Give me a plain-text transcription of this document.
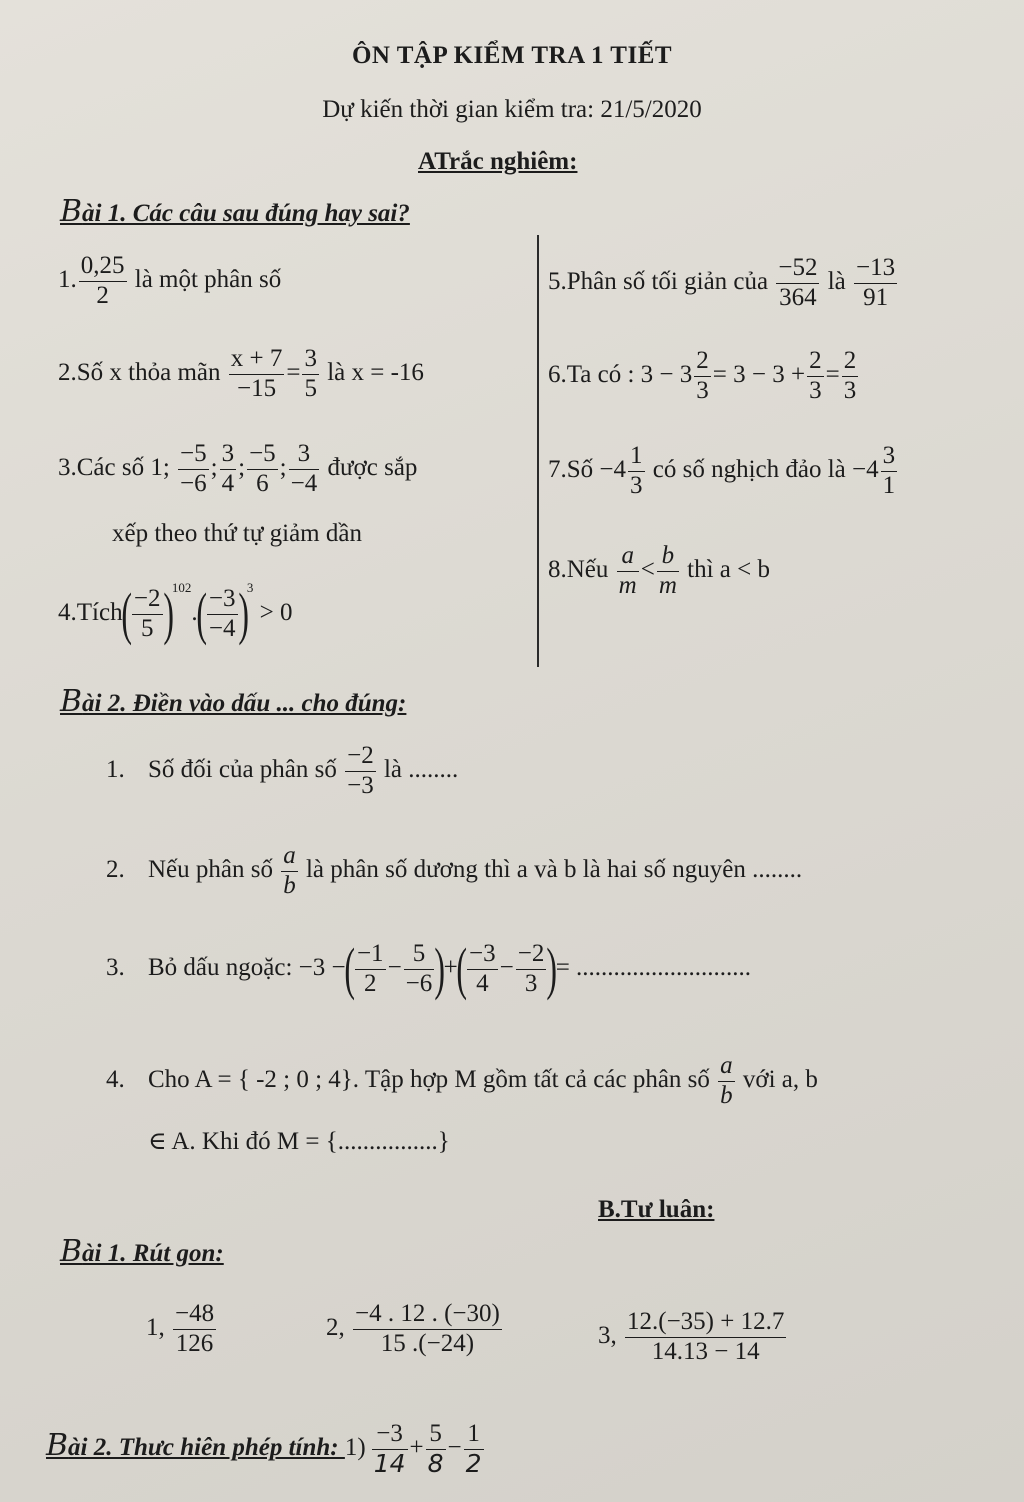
ÔN TẬP KIỂM TRA 1 TIẾT
Dự kiến thời gian kiểm tra: 21/5/2020
ATrắc nghiêm:
Bài 1. Các câu sau đúng hay sai?
1. $\frac{0,25}{2}$ là một phân số
2.Số x thỏa mãn $\frac{x + 7}{-15} = \frac{3}{5}$ là x = -16
3.Các số 1; $\frac{-5}{-6}$ ; $\frac{3}{4}$ ; $\frac{-5}{6}$ ; $\frac{3}{-4}$ được sắp
xếp theo thứ tự giảm dần
4.Tích( $\frac{-2}{5} )^{102}.( \frac{-3}{-4} )^3 > 0$
5.Phân số tối giản của $\frac{-52}{364}$ là $\frac{-13}{91}$
6.Ta có : $3 - 3 \frac{2}{3} = 3 - 3 + \frac{2}{3} = \frac{2}{3}$
7.Số $-4 \frac{1}{3}$ có số nghịch đảo là $-4 \frac{3}{1}$
8.Nếu $\frac{a}{m} < \frac{b}{m}$ thì a < b
Bài 2. Điền vào dấu ... cho đúng:
1. Số đối của phân số $\frac{-2}{-3}$ là ........
2. Nếu phân số $\frac{a}{b}$ là phân số dương thì a và b là hai số nguyên ........
3. Bỏ dấu ngoặc: −3 −( $\frac{-1}{2} - \frac{5}{-6}$ )+( $\frac{-3}{4} - \frac{-2}{3}$ )= ............................
4. Cho A = { -2 ; 0 ; 4}. Tập hợp M gồm tất cả các phân số $\frac{a}{b}$ với a, b
∈ A. Khi đó M = {................}
B.Tư luân:
Bài 1. Rút gon:
1, $\frac{-48}{126}$	2, $\frac{-4 . 12 . (-30)}{15 .(-24)}$	3, $\frac{12.(-35) + 12.7}{14.13 - 14}$
Bài 2. Thưc hiên phép tính: $1) \frac{-3}{14} + \frac{5}{8} - \frac{1}{2}$
